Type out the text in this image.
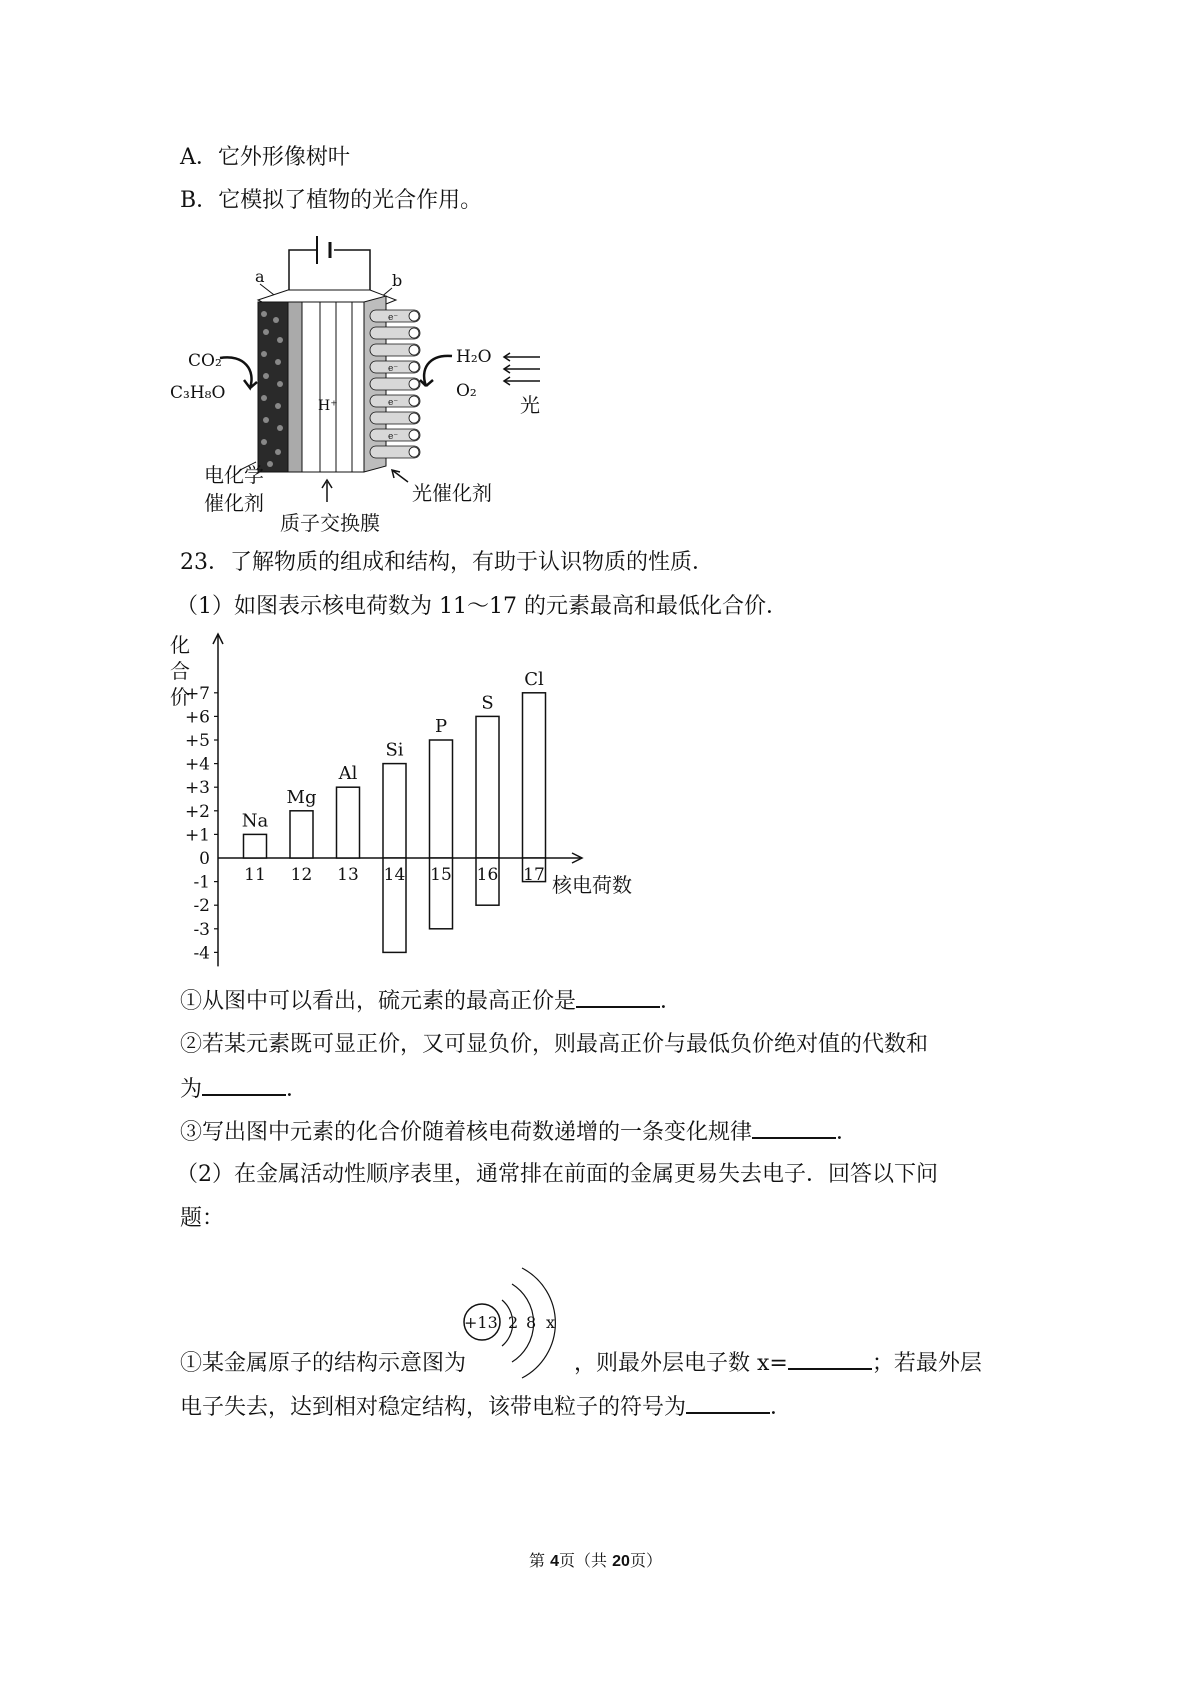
A．它外形像树叶
B．它模拟了植物的光合作用。
a	b
H⁺
e⁻
e⁻
e⁻
e⁻
CO₂
C₃H₈O
H₂O
O₂
光
电化学
催化剂
质子交换膜
光催化剂
23．了解物质的组成和结构，有助于认识物质的性质．
（1）如图表示核电荷数为 11～17 的元素最高和最低化合价．
化
合
价
+7
+6
+5
+4
+3
+2
+1
0
-1
-2
-3
-4
11 12 13 14 15 16 17
Na
Mg
Al
Si
P
S
Cl
核电荷数
①从图中可以看出，硫元素的最高正价是	．
②若某元素既可显正价，又可显负价，则最高正价与最低负价绝对值的代数和
为	．
③写出图中元素的化合价随着核电荷数递增的一条变化规律	．
（2）在金属活动性顺序表里，通常排在前面的金属更易失去电子．回答以下问
题：
+13 2 8 x
①某金属原子的结构示意图为	，则最外层电子数 x=	；若最外层
电子失去，达到相对稳定结构，该带电粒子的符号为	．
第 4页（共 20页）
